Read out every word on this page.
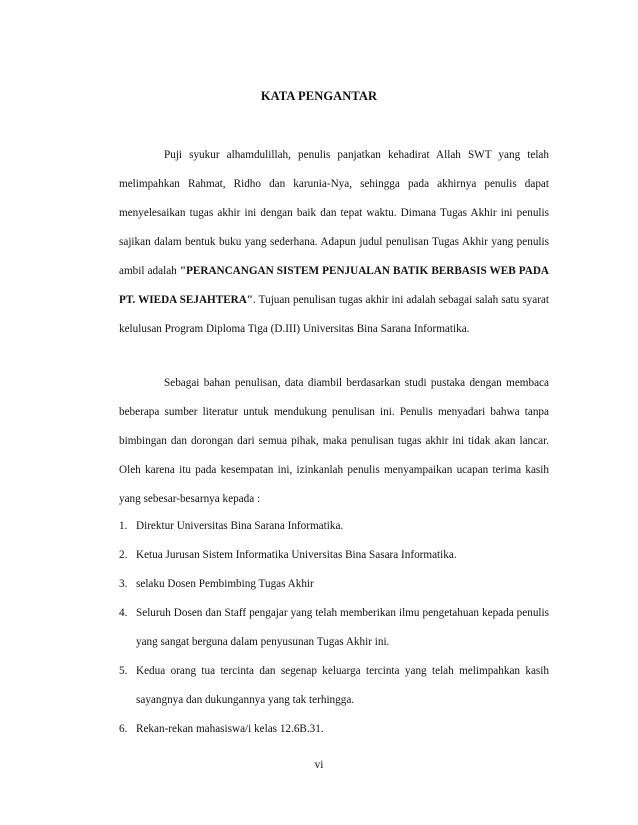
KATA PENGANTAR
Puji syukur alhamdulillah, penulis panjatkan kehadirat Allah SWT yang telah melimpahkan Rahmat, Ridho dan karunia-Nya, sehingga pada akhirnya penulis dapat menyelesaikan tugas akhir ini dengan baik dan tepat waktu. Dimana Tugas Akhir ini penulis sajikan dalam bentuk buku yang sederhana. Adapun judul penulisan Tugas Akhir yang penulis ambil adalah "PERANCANGAN SISTEM PENJUALAN BATIK BERBASIS WEB PADA PT. WIEDA SEJAHTERA". Tujuan penulisan tugas akhir ini adalah sebagai salah satu syarat kelulusan Program Diploma Tiga (D.III) Universitas Bina Sarana Informatika.
Sebagai bahan penulisan, data diambil berdasarkan studi pustaka dengan membaca beberapa sumber literatur untuk mendukung penulisan ini. Penulis menyadari bahwa tanpa bimbingan dan dorongan dari semua pihak, maka penulisan tugas akhir ini tidak akan lancar. Oleh karena itu pada kesempatan ini, izinkanlah penulis menyampaikan ucapan terima kasih yang sebesar-besarnya kepada :
1. Direktur Universitas Bina Sarana Informatika.
2. Ketua Jurusan Sistem Informatika Universitas Bina Sasara Informatika.
3. selaku Dosen Pembimbing Tugas Akhir
4. Seluruh Dosen dan Staff pengajar yang telah memberikan ilmu pengetahuan kepada penulis yang sangat berguna dalam penyusunan Tugas Akhir ini.
5. Kedua orang tua tercinta dan segenap keluarga tercinta yang telah melimpahkan kasih sayangnya dan dukungannya yang tak terhingga.
6. Rekan-rekan mahasiswa/i kelas 12.6B.31.
vi
